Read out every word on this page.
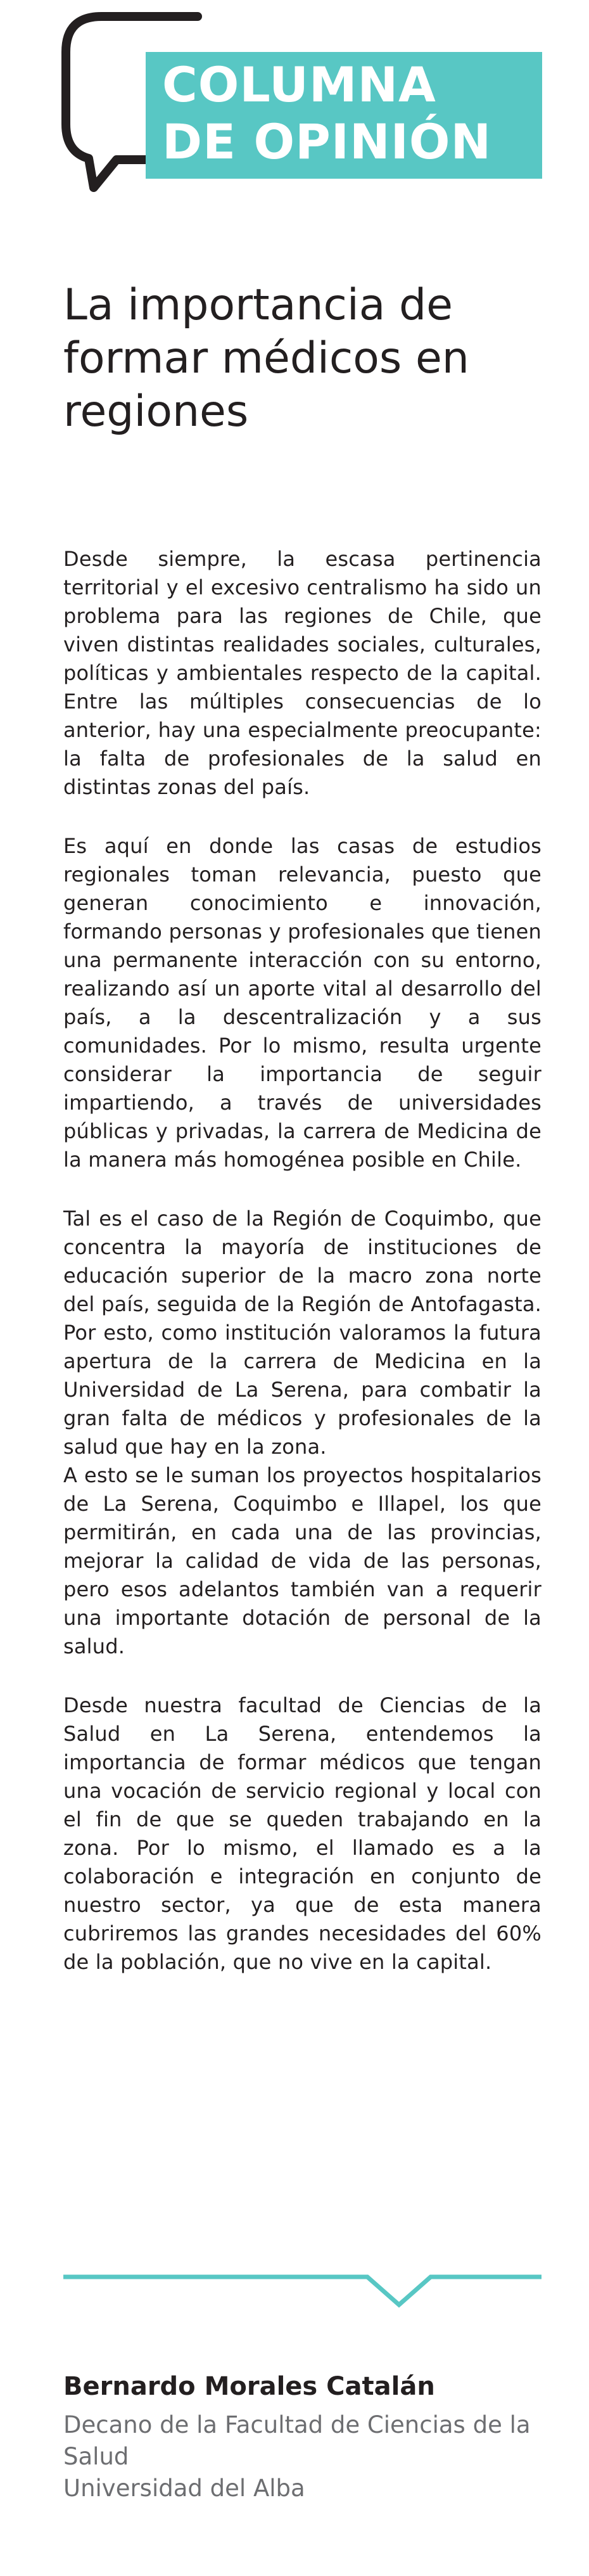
COLUMNA

DE OPINIÓN

La importancia de formar médicos en regiones

Desde siempre, la escasa pertinencia territorial y el excesivo centralismo ha sido un problema para las regiones de Chile, que viven distintas realidades sociales, culturales, políticas y ambientales respecto de la capital. Entre las múltiples consecuencias de lo anterior, hay una especialmente preocupante: la falta de profesionales de la salud en distintas zonas del país.

Es aquí en donde las casas de estudios regionales toman relevancia, puesto que generan conocimiento e innovación, formando personas y profesionales que tienen una permanente interacción con su entorno, realizando así un aporte vital al desarrollo del país, a la descentralización y a sus comunidades. Por lo mismo, resulta urgente considerar la importancia de seguir impartiendo, a través de universidades públicas y privadas, la carrera de Medicina de la manera más homogénea posible en Chile.

Tal es el caso de la Región de Coquimbo, que concentra la mayoría de instituciones de educación superior de la macro zona norte del país, seguida de la Región de Antofagasta. Por esto, como institución valoramos la futura apertura de la carrera de Medicina en la Universidad de La Serena, para combatir la gran falta de médicos y profesionales de la salud que hay en la zona.

A esto se le suman los proyectos hospitalarios de La Serena, Coquimbo e Illapel, los que permitirán, en cada una de las provincias, mejorar la calidad de vida de las personas, pero esos adelantos también van a requerir una importante dotación de personal de la salud.

Desde nuestra facultad de Ciencias de la Salud en La Serena, entendemos la importancia de formar médicos que tengan una vocación de servicio regional y local con el fin de que se queden trabajando en la zona. Por lo mismo, el llamado es a la colaboración e integración en conjunto de nuestro sector, ya que de esta manera cubriremos las grandes necesidades del 60% de la población, que no vive en la capital.

Bernardo Morales Catalán

Decano de la Facultad de Ciencias de la Salud

Universidad del Alba
